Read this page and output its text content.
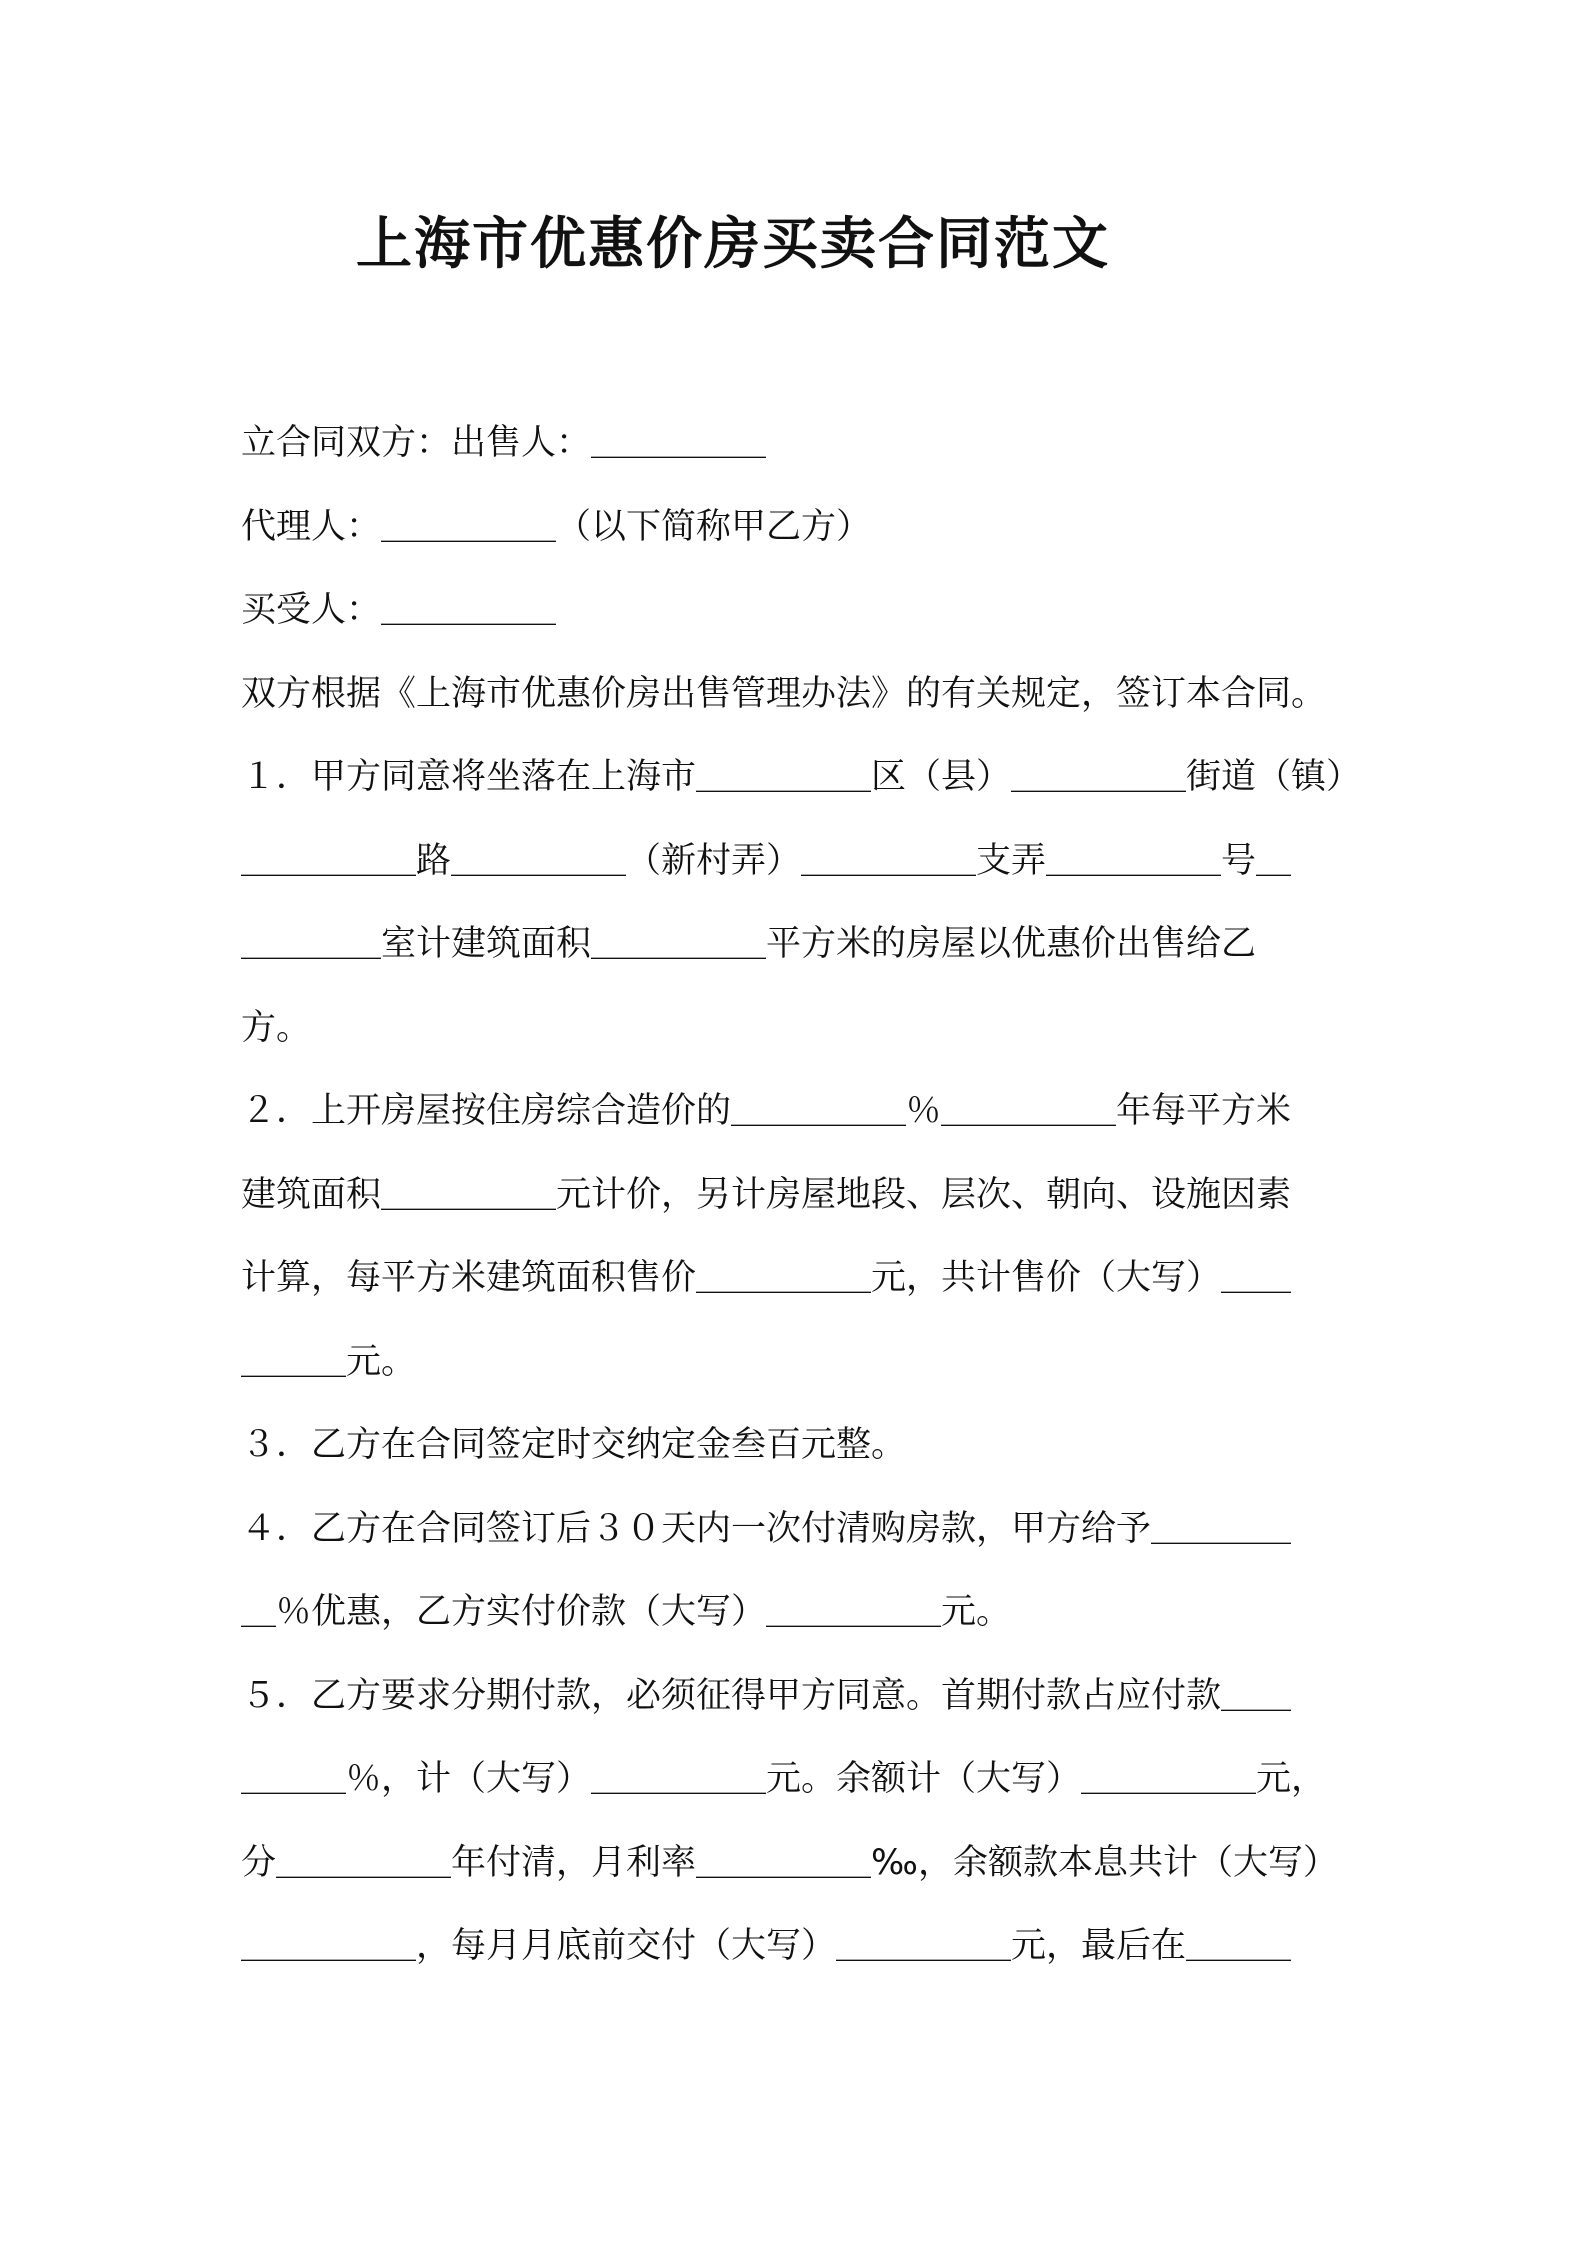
上海市优惠价房买卖合同范文
立合同双方：出售人：＿＿＿＿＿
代理人：＿＿＿＿＿（以下简称甲乙方）
买受人：＿＿＿＿＿
双方根据《上海市优惠价房出售管理办法》的有关规定，签订本合同。
１．甲方同意将坐落在上海市＿＿＿＿＿区（县）＿＿＿＿＿街道（镇）
＿＿＿＿＿路＿＿＿＿＿（新村弄）＿＿＿＿＿支弄＿＿＿＿＿号＿
＿＿＿＿室计建筑面积＿＿＿＿＿平方米的房屋以优惠价出售给乙
方。
２．上开房屋按住房综合造价的＿＿＿＿＿％＿＿＿＿＿年每平方米
建筑面积＿＿＿＿＿元计价，另计房屋地段、层次、朝向、设施因素
计算，每平方米建筑面积售价＿＿＿＿＿元，共计售价（大写）＿＿
＿＿＿元。
３．乙方在合同签定时交纳定金叁百元整。
４．乙方在合同签订后３０天内一次付清购房款，甲方给予＿＿＿＿
＿％优惠，乙方实付价款（大写）＿＿＿＿＿元。
５．乙方要求分期付款，必须征得甲方同意。首期付款占应付款＿＿
＿＿＿％，计（大写）＿＿＿＿＿元。余额计（大写）＿＿＿＿＿元，
分＿＿＿＿＿年付清，月利率＿＿＿＿＿‰，余额款本息共计（大写）
＿＿＿＿＿，每月月底前交付（大写）＿＿＿＿＿元，最后在＿＿＿
